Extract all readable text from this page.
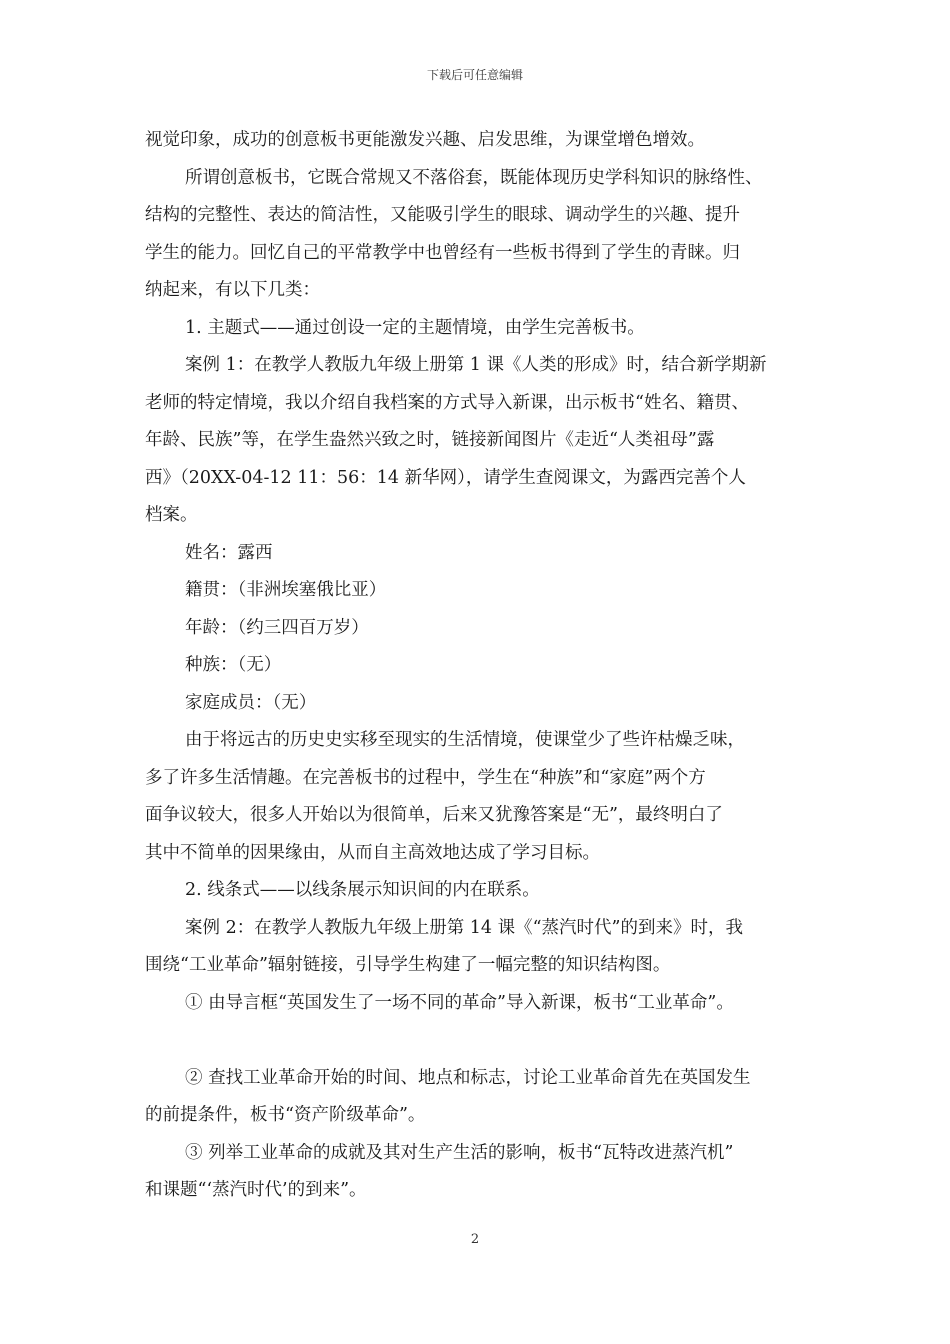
下载后可任意编辑
视觉印象，成功的创意板书更能激发兴趣、启发思维，为课堂增色增效。
所谓创意板书，它既合常规又不落俗套，既能体现历史学科知识的脉络性、
结构的完整性、表达的简洁性，又能吸引学生的眼球、调动学生的兴趣、提升
学生的能力。回忆自己的平常教学中也曾经有一些板书得到了学生的青睐。归
纳起来，有以下几类：
1. 主题式——通过创设一定的主题情境，由学生完善板书。
案例 1：在教学人教版九年级上册第 1 课《人类的形成》时，结合新学期新
老师的特定情境，我以介绍自我档案的方式导入新课，出示板书“姓名、籍贯、
年龄、民族”等，在学生盎然兴致之时，链接新闻图片《走近“人类祖母”露
西》（20XX-04-12 11：56：14 新华网），请学生查阅课文，为露西完善个人
档案。
姓名：露西
籍贯：（非洲埃塞俄比亚）
年龄：（约三四百万岁）
种族：（无）
家庭成员：（无）
由于将远古的历史史实移至现实的生活情境，使课堂少了些许枯燥乏味，
多了许多生活情趣。在完善板书的过程中，学生在“种族”和“家庭”两个方
面争议较大，很多人开始以为很简单，后来又犹豫答案是“无”，最终明白了
其中不简单的因果缘由，从而自主高效地达成了学习目标。
2. 线条式——以线条展示知识间的内在联系。
案例 2：在教学人教版九年级上册第 14 课《“蒸汽时代”的到来》时，我
围绕“工业革命”辐射链接，引导学生构建了一幅完整的知识结构图。
① 由导言框“英国发生了一场不同的革命”导入新课，板书“工业革命”。
② 查找工业革命开始的时间、地点和标志，讨论工业革命首先在英国发生
的前提条件，板书“资产阶级革命”。
③ 列举工业革命的成就及其对生产生活的影响，板书“瓦特改进蒸汽机”
和课题“‘蒸汽时代’的到来”。
2
